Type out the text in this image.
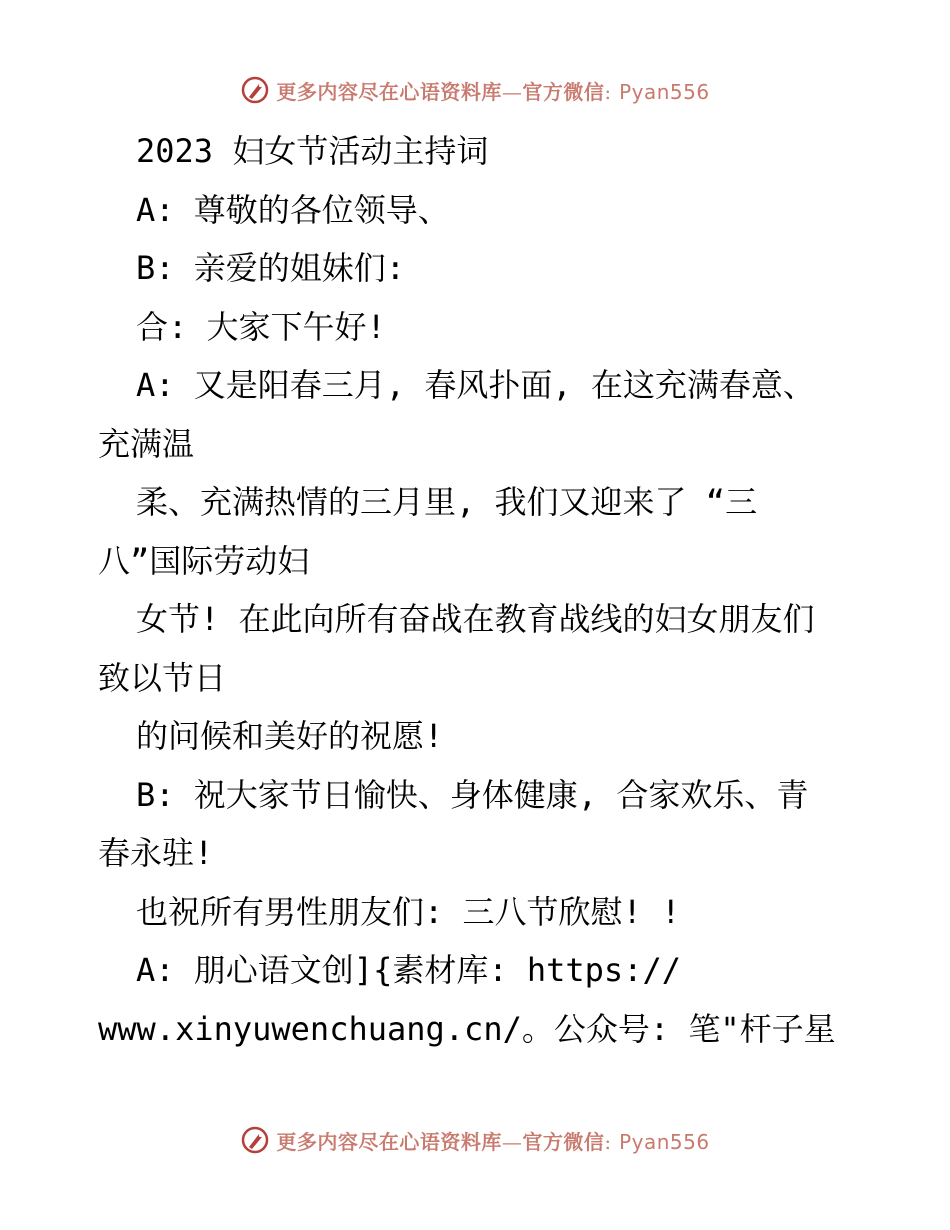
更多内容尽在心语资料库—官方微信: Pyan556
2023 妇女节活动主持词
A: 尊敬的各位领导、
B: 亲爱的姐妹们:
合: 大家下午好!
A: 又是阳春三月, 春风扑面, 在这充满春意、
充满温
柔、充满热情的三月里, 我们又迎来了 “三
八”国际劳动妇
女节! 在此向所有奋战在教育战线的妇女朋友们
致以节日
的问候和美好的祝愿!
B: 祝大家节日愉快、身体健康, 合家欢乐、青
春永驻!
也祝所有男性朋友们: 三八节欣慰! !
A: 朋心语文创]{素材库: https://
www.xinyuwenchuang.cn/。公众号: 笔"杆子星
更多内容尽在心语资料库—官方微信: Pyan556
